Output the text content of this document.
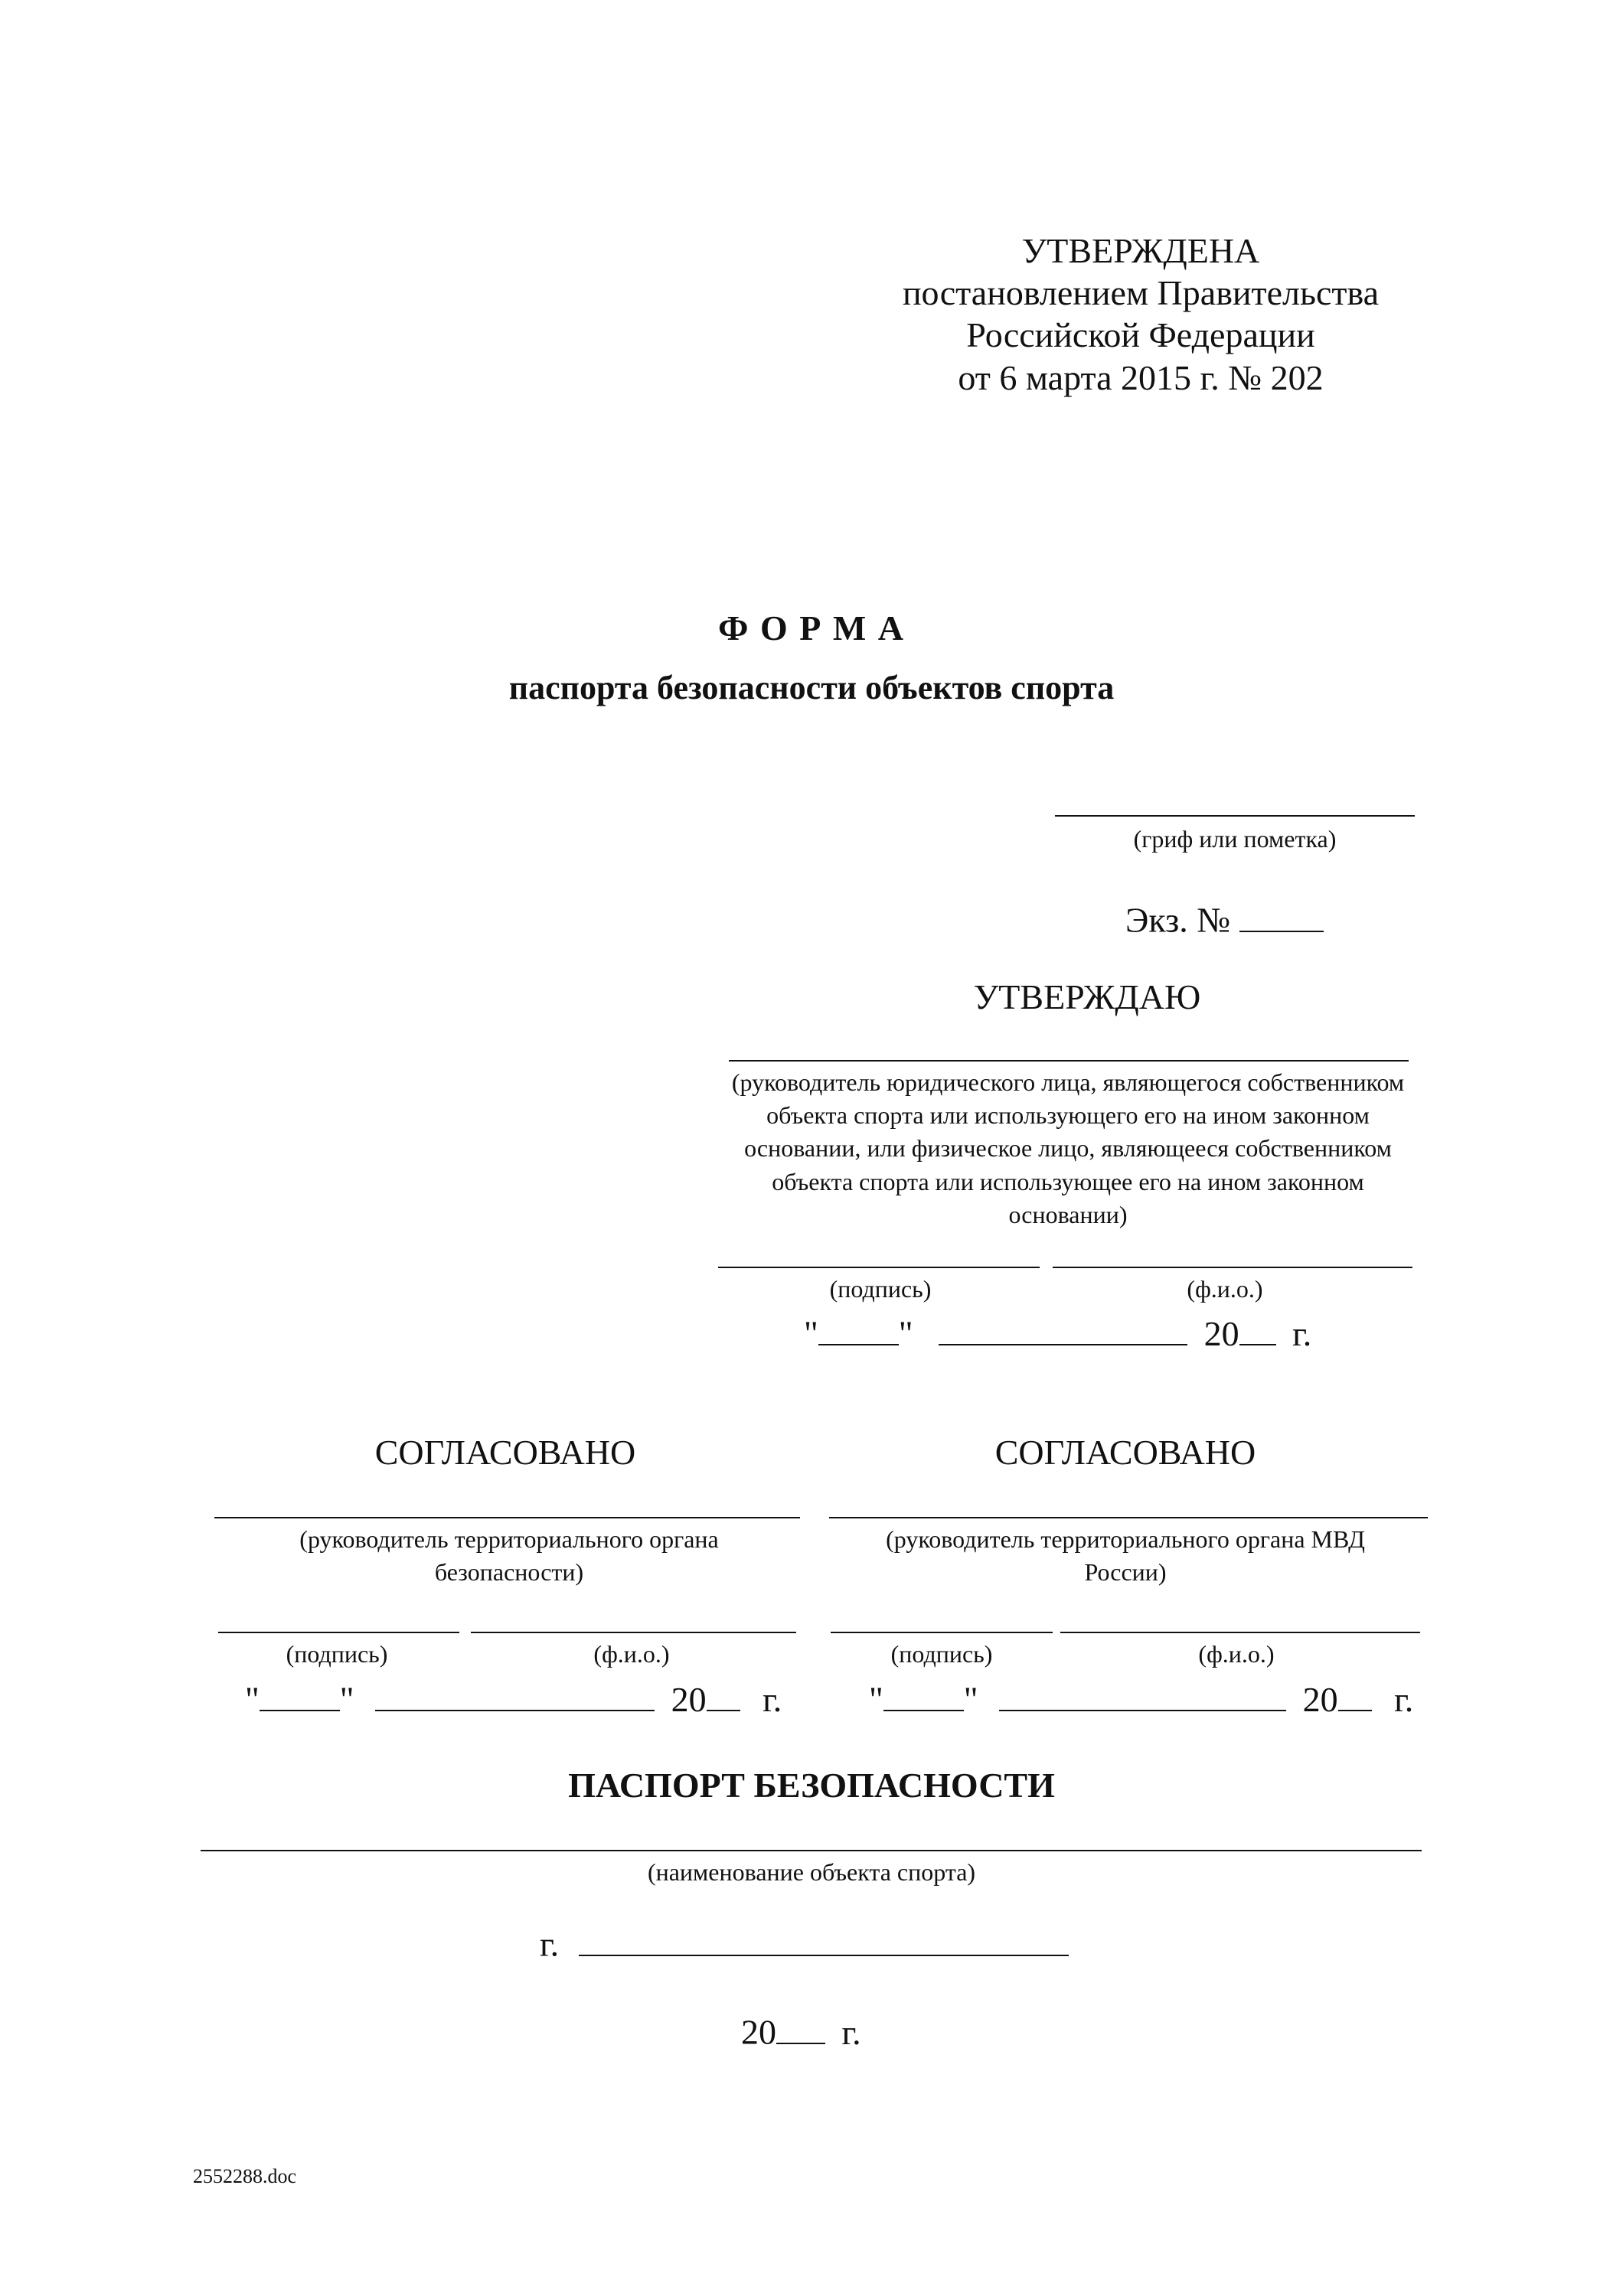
УТВЕРЖДЕНА
постановлением Правительства
Российской Федерации
от 6 марта 2015 г. № 202
Ф О Р М А
паспорта безопасности объектов спорта
(гриф или пометка)
Экз. №
УТВЕРЖДАЮ
(руководитель юридического лица, являющегося собственником объекта спорта или использующего его на ином законном основании, или физическое лицо, являющееся собственником объекта спорта или использующее его на ином законном основании)
(подпись)	(ф.и.о.)
" "	20 г.
СОГЛАСОВАНО
(руководитель территориального органа безопасности)
(подпись)	(ф.и.о.)
" "	20 г.
СОГЛАСОВАНО
(руководитель территориального органа МВД России)
(подпись)	(ф.и.о.)
" "	20 г.
ПАСПОРТ БЕЗОПАСНОСТИ
(наименование объекта спорта)
г.
20 г.
2552288.doc
